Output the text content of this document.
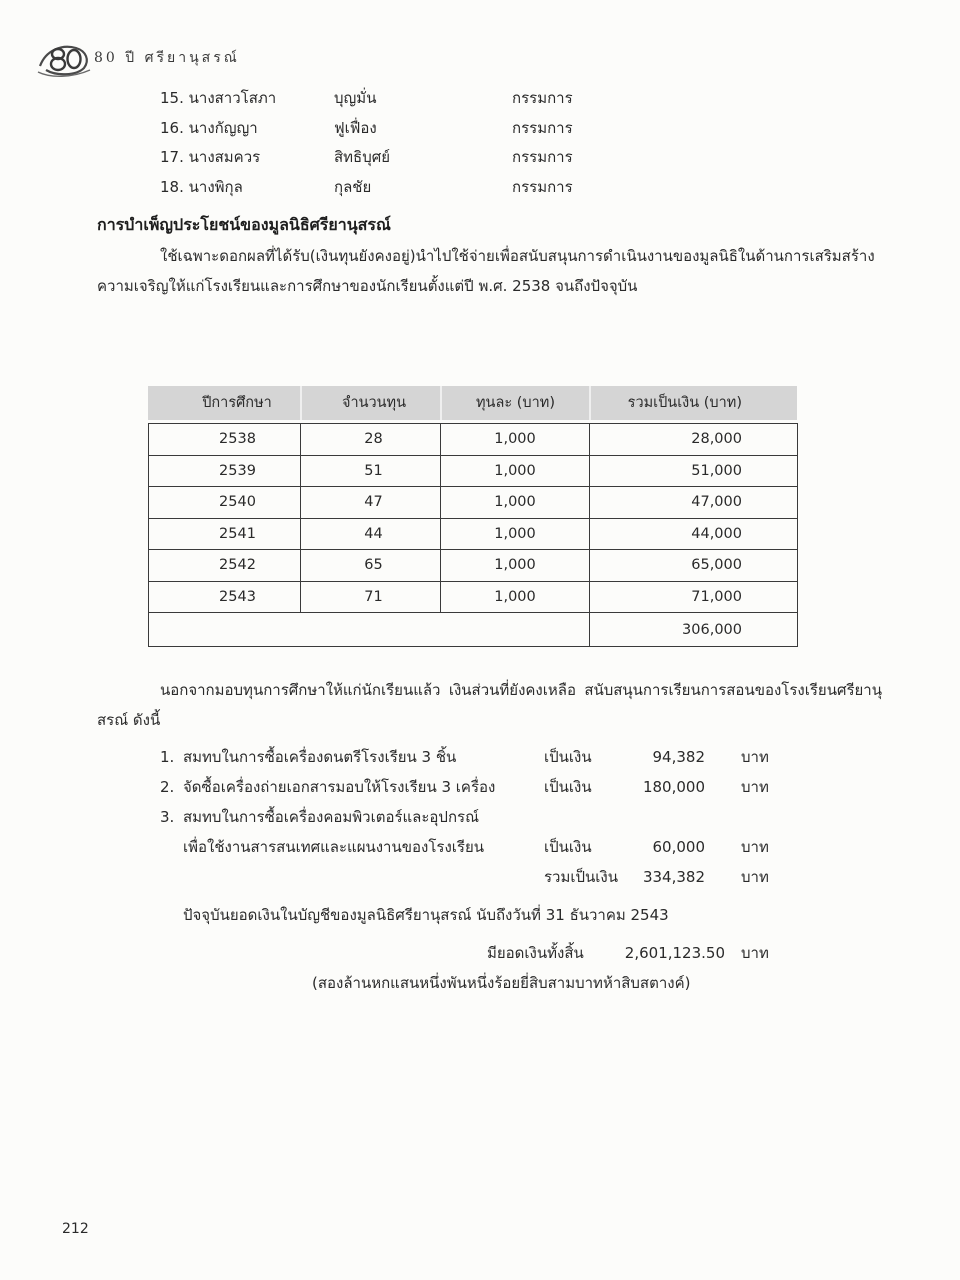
80 ปี ศรียานุสรณ์
15. นางสาวโสภา	บุญมั่น	กรรมการ
16. นางกัญญา	ฟูเฟื่อง	กรรมการ
17. นางสมควร	สิทธิบุศย์	กรรมการ
18. นางพิกุล	กุลชัย	กรรมการ
การบำเพ็ญประโยชน์ของมูลนิธิศรียานุสรณ์
ใช้เฉพาะดอกผลที่ได้รับ(เงินทุนยังคงอยู่)นำไปใช้จ่ายเพื่อสนับสนุนการดำเนินงานของมูลนิธิในด้านการเสริมสร้างความเจริญให้แก่โรงเรียนและการศึกษาของนักเรียนตั้งแต่ปี พ.ศ. 2538 จนถึงปัจจุบัน
ปีการศึกษา	จำนวนทุน	ทุนละ (บาท)	รวมเป็นเงิน (บาท)
2538	28	1,000	28,000
2539	51	1,000	51,000
2540	47	1,000	47,000
2541	44	1,000	44,000
2542	65	1,000	65,000
2543	71	1,000	71,000
			306,000
นอกจากมอบทุนการศึกษาให้แก่นักเรียนแล้ว เงินส่วนที่ยังคงเหลือ สนับสนุนการเรียนการสอนของโรงเรียนศรียานุสรณ์ ดังนี้
1. สมทบในการซื้อเครื่องดนตรีโรงเรียน 3 ชิ้น	เป็นเงิน	94,382 บาท
2. จัดซื้อเครื่องถ่ายเอกสารมอบให้โรงเรียน 3 เครื่อง	เป็นเงิน	180,000 บาท
3. สมทบในการซื้อเครื่องคอมพิวเตอร์และอุปกรณ์
เพื่อใช้งานสารสนเทศและแผนงานของโรงเรียน	เป็นเงิน	60,000 บาท
รวมเป็นเงิน	334,382 บาท
ปัจจุบันยอดเงินในบัญชีของมูลนิธิศรียานุสรณ์ นับถึงวันที่ 31 ธันวาคม 2543
มียอดเงินทั้งสิ้น	2,601,123.50 บาท
(สองล้านหกแสนหนึ่งพันหนึ่งร้อยยี่สิบสามบาทห้าสิบสตางค์)
212
